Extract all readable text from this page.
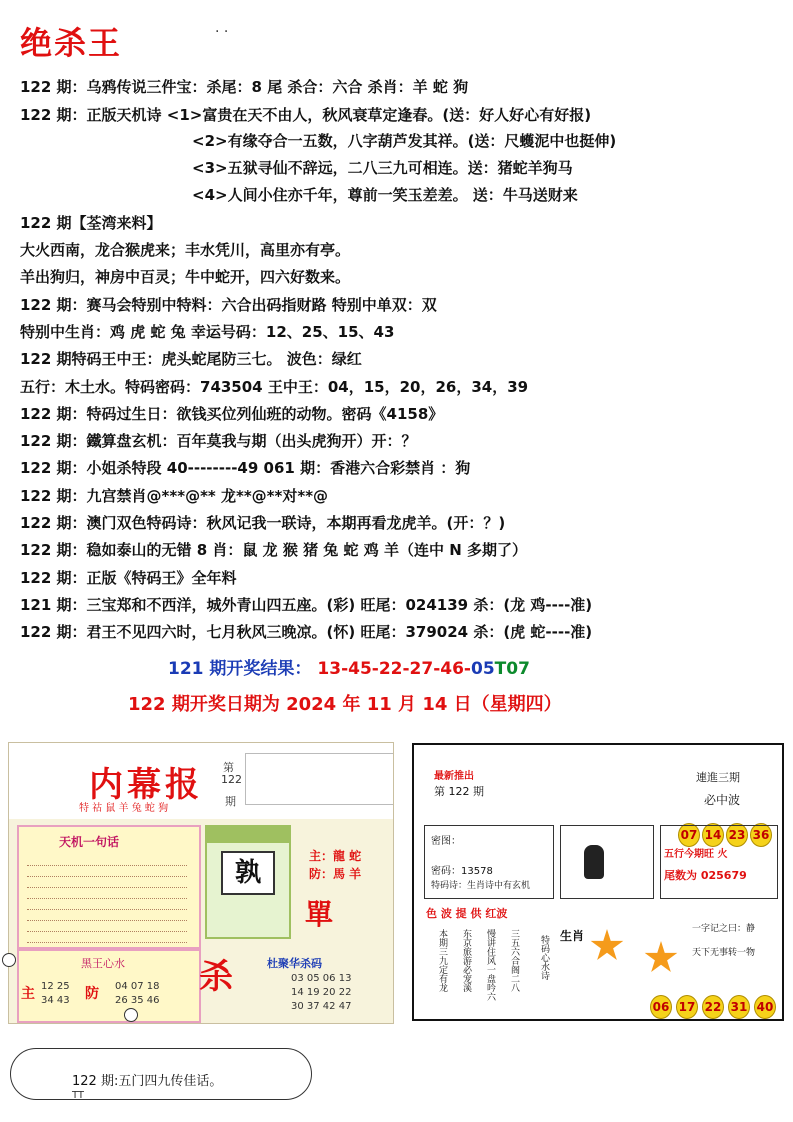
绝杀王	· ·
122 期：乌鸦传说三件宝：杀尾：8 尾 杀合：六合 杀肖：羊 蛇 狗
122 期：正版天机诗 <1>富贵在天不由人，秋风衰草定逢春。(送：好人好心有好报)
<2>有缘夺合一五数，八字葫芦发其祥。(送：尺蠖泥中也挺伸)
<3>五狱寻仙不辞远，二八三九可相连。送：猪蛇羊狗马
<4>人间小住亦千年，尊前一笑玉差差。 送：牛马送财来
122 期【荃湾来料】
大火西南，龙合猴虎来；丰水凭川，高里亦有亭。
羊出狗归，神房中百灵；牛中蛇开，四六好数来。
122 期：赛马会特别中特料：六合出码指财路 特别中单双：双
特别中生肖：鸡 虎 蛇 兔 幸运号码：12、25、15、43
122 期特码王中王：虎头蛇尾防三七。 波色：绿红
五行：木土水。特码密码：743504 王中王：04，15，20，26，34，39
122 期：特码过生日：欲钱买位列仙班的动物。密码《4158》
122 期：鐵算盘玄机：百年莫我与期（出头虎狗开）开：？
122 期：小姐杀特段 40--------49 061 期：香港六合彩禁肖 ：狗
122 期：九宫禁肖@***@** 龙**@**对**@
122 期：澳门双色特码诗：秋风记我一联诗，本期再看龙虎羊。(开：？)
122 期：稳如泰山的无错 8 肖：鼠 龙 猴 猪 兔 蛇 鸡 羊（连中 N 多期了）
122 期：正版《特码王》全年料
121 期：三宝郑和不西洋，城外青山四五座。(彩) 旺尾：024139 杀：(龙 鸡----准)
122 期：君王不见四六时，七月秋风三晚凉。(怀) 旺尾：379024 杀：(虎 蛇----准)
121 期开奖结果： 13-45-22-27-46-05T07
122 期开奖日期为 2024 年 11 月 14 日（星期四）
内幕报 第
122
期
特 祜 鼠 羊 兔 蛇 狗
天机一句话
孰
主：龍 蛇
防：馬 羊
單
黑王心水
主 12 25
34 43 防 04 07 18
26 35 46
杀	杜聚华杀码
03 05 06 13
14 19 20 22
30 37 42 47
最新推出
第 122 期
連進三期
必中波
07 14 23 36
密图：
密码：13578
特码诗：生肖诗中有玄机
五行今期旺 火
尾数为 025679
色 波 提 供 红波
本期三九定有龙 东京旅游必宠溪 慢讲住风一盘吟六 三五六合阁二八 特码心水诗 生肖	一字记之曰：静
天下无事转一物
06 17 22 31 40
122 期:五门四九传佳话。
TT
